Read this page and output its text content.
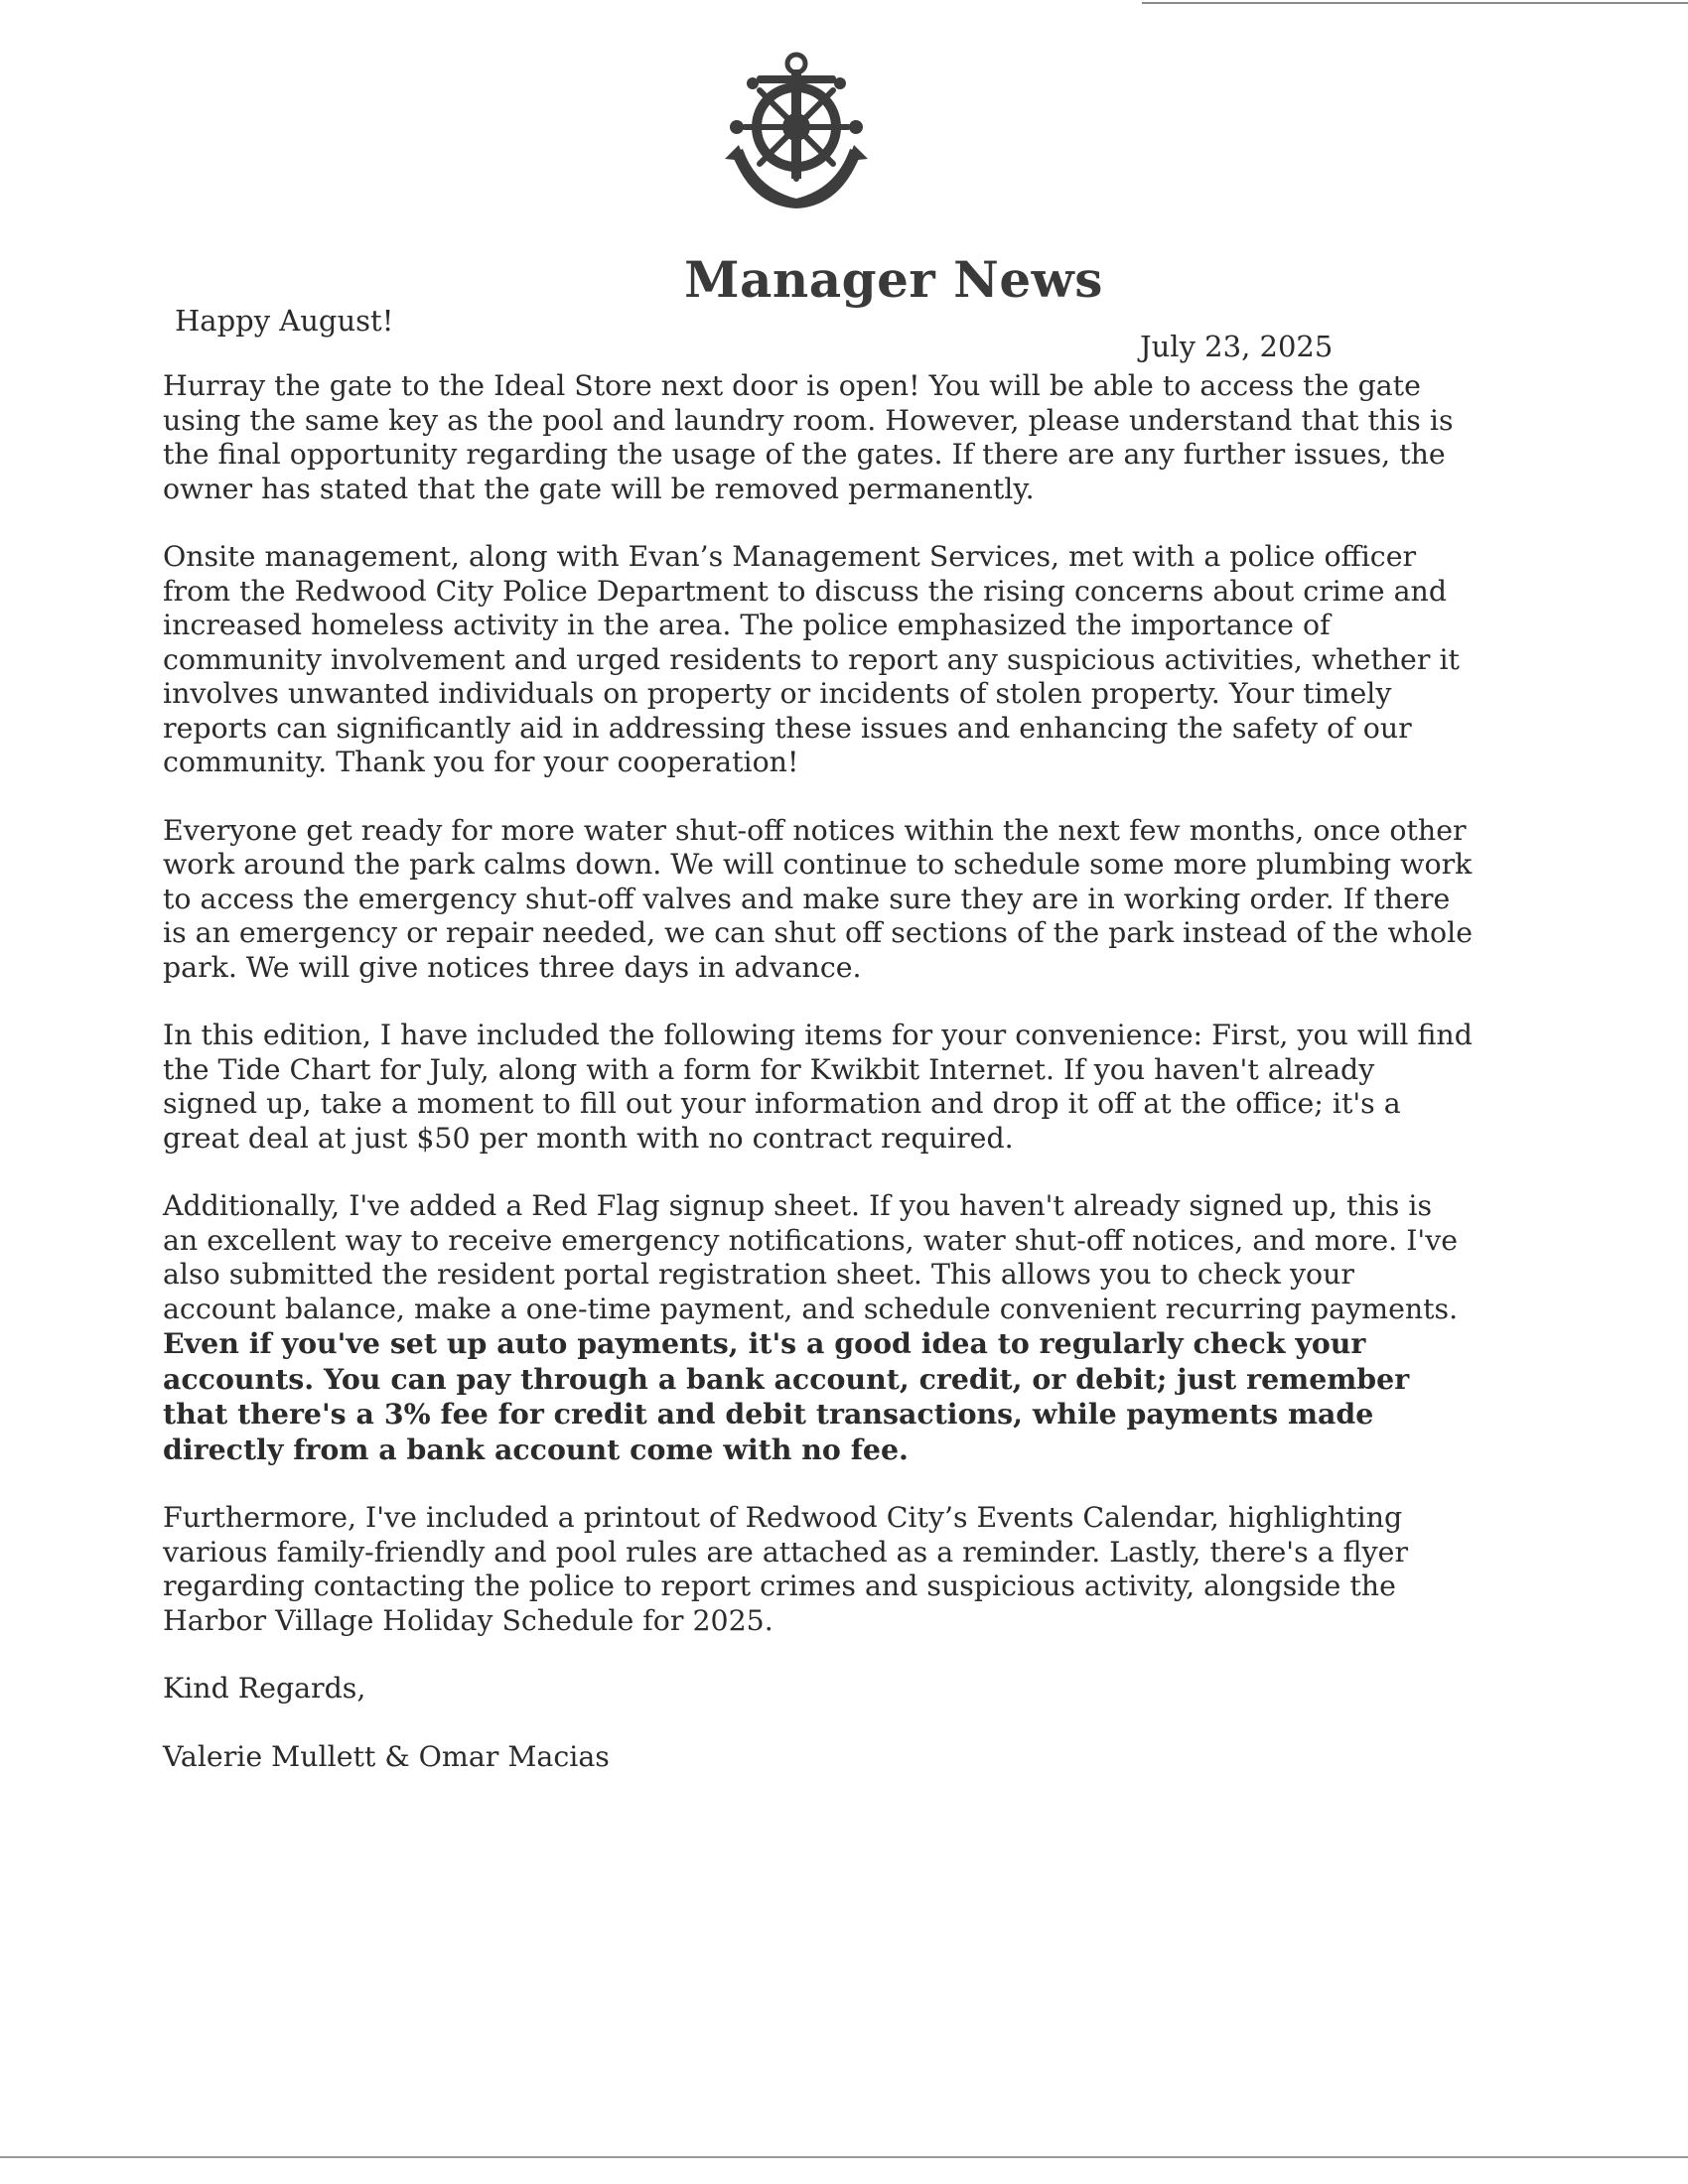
Manager News

Happy August!

July 23, 2025

Hurray the gate to the Ideal Store next door is open! You will be able to access the gate using the same key as the pool and laundry room. However, please understand that this is the final opportunity regarding the usage of the gates. If there are any further issues, the owner has stated that the gate will be removed permanently.

Onsite management, along with Evan’s Management Services, met with a police officer from the Redwood City Police Department to discuss the rising concerns about crime and increased homeless activity in the area. The police emphasized the importance of community involvement and urged residents to report any suspicious activities, whether it involves unwanted individuals on property or incidents of stolen property. Your timely reports can significantly aid in addressing these issues and enhancing the safety of our community. Thank you for your cooperation!

Everyone get ready for more water shut-off notices within the next few months, once other work around the park calms down. We will continue to schedule some more plumbing work to access the emergency shut-off valves and make sure they are in working order. If there is an emergency or repair needed, we can shut off sections of the park instead of the whole park. We will give notices three days in advance.

In this edition, I have included the following items for your convenience: First, you will find the Tide Chart for July, along with a form for Kwikbit Internet. If you haven't already signed up, take a moment to fill out your information and drop it off at the office; it's a great deal at just $50 per month with no contract required.

Additionally, I've added a Red Flag signup sheet. If you haven't already signed up, this is an excellent way to receive emergency notifications, water shut-off notices, and more. I've also submitted the resident portal registration sheet. This allows you to check your account balance, make a one-time payment, and schedule convenient recurring payments. Even if you've set up auto payments, it's a good idea to regularly check your accounts. You can pay through a bank account, credit, or debit; just remember that there's a 3% fee for credit and debit transactions, while payments made directly from a bank account come with no fee.

Furthermore, I've included a printout of Redwood City’s Events Calendar, highlighting various family-friendly and pool rules are attached as a reminder. Lastly, there's a flyer regarding contacting the police to report crimes and suspicious activity, alongside the Harbor Village Holiday Schedule for 2025.

Kind Regards,

Valerie Mullett & Omar Macias
